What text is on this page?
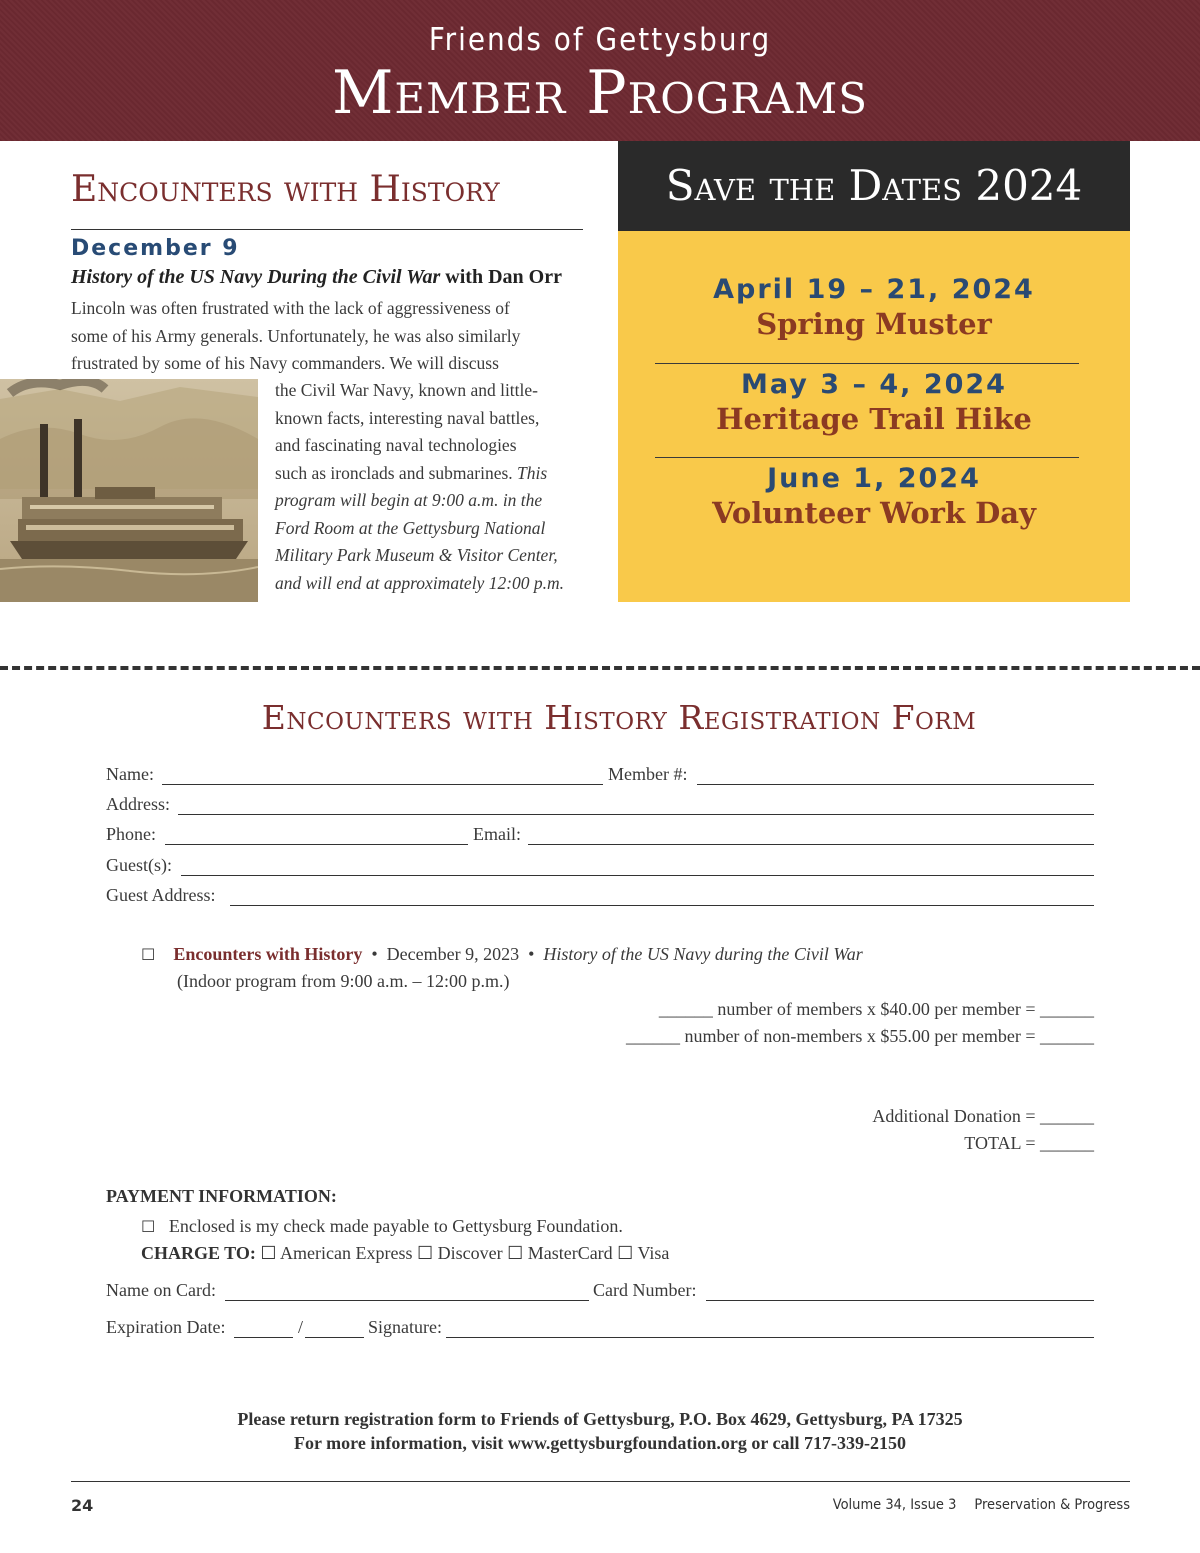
Friends of Gettysburg
Member Programs
Encounters with History
December 9
History of the US Navy During the Civil War with Dan Orr
Lincoln was often frustrated with the lack of aggressiveness of
some of his Army generals. Unfortunately, he was also similarly
frustrated by some of his Navy commanders. We will discuss
the Civil War Navy, known and little-
known facts, interesting naval battles,
and fascinating naval technologies
such as ironclads and submarines. This
program will begin at 9:00 a.m. in the
Ford Room at the Gettysburg National
Military Park Museum & Visitor Center,
and will end at approximately 12:00 p.m.
Save the Dates 2024
April 19 – 21, 2024
Spring Muster
May 3 – 4, 2024
Heritage Trail Hike
June 1, 2024
Volunteer Work Day
Encounters with History Registration Form
Name:	Member #:
Address:
Phone:	Email:
Guest(s):
Guest Address:
☐ Encounters with History • December 9, 2023 • History of the US Navy during the Civil War
(Indoor program from 9:00 a.m. – 12:00 p.m.)
______ number of members x $40.00 per member = ______
______ number of non-members x $55.00 per member = ______
Additional Donation = ______
TOTAL = ______
PAYMENT INFORMATION:
☐ Enclosed is my check made payable to Gettysburg Foundation.
CHARGE TO: ☐ American Express ☐ Discover ☐ MasterCard ☐ Visa
Name on Card:	Card Number:
Expiration Date:	/	Signature:
Please return registration form to Friends of Gettysburg, P.O. Box 4629, Gettysburg, PA 17325
For more information, visit www.gettysburgfoundation.org or call 717-339-2150
24	Volume 34, Issue 3 Preservation & Progress
